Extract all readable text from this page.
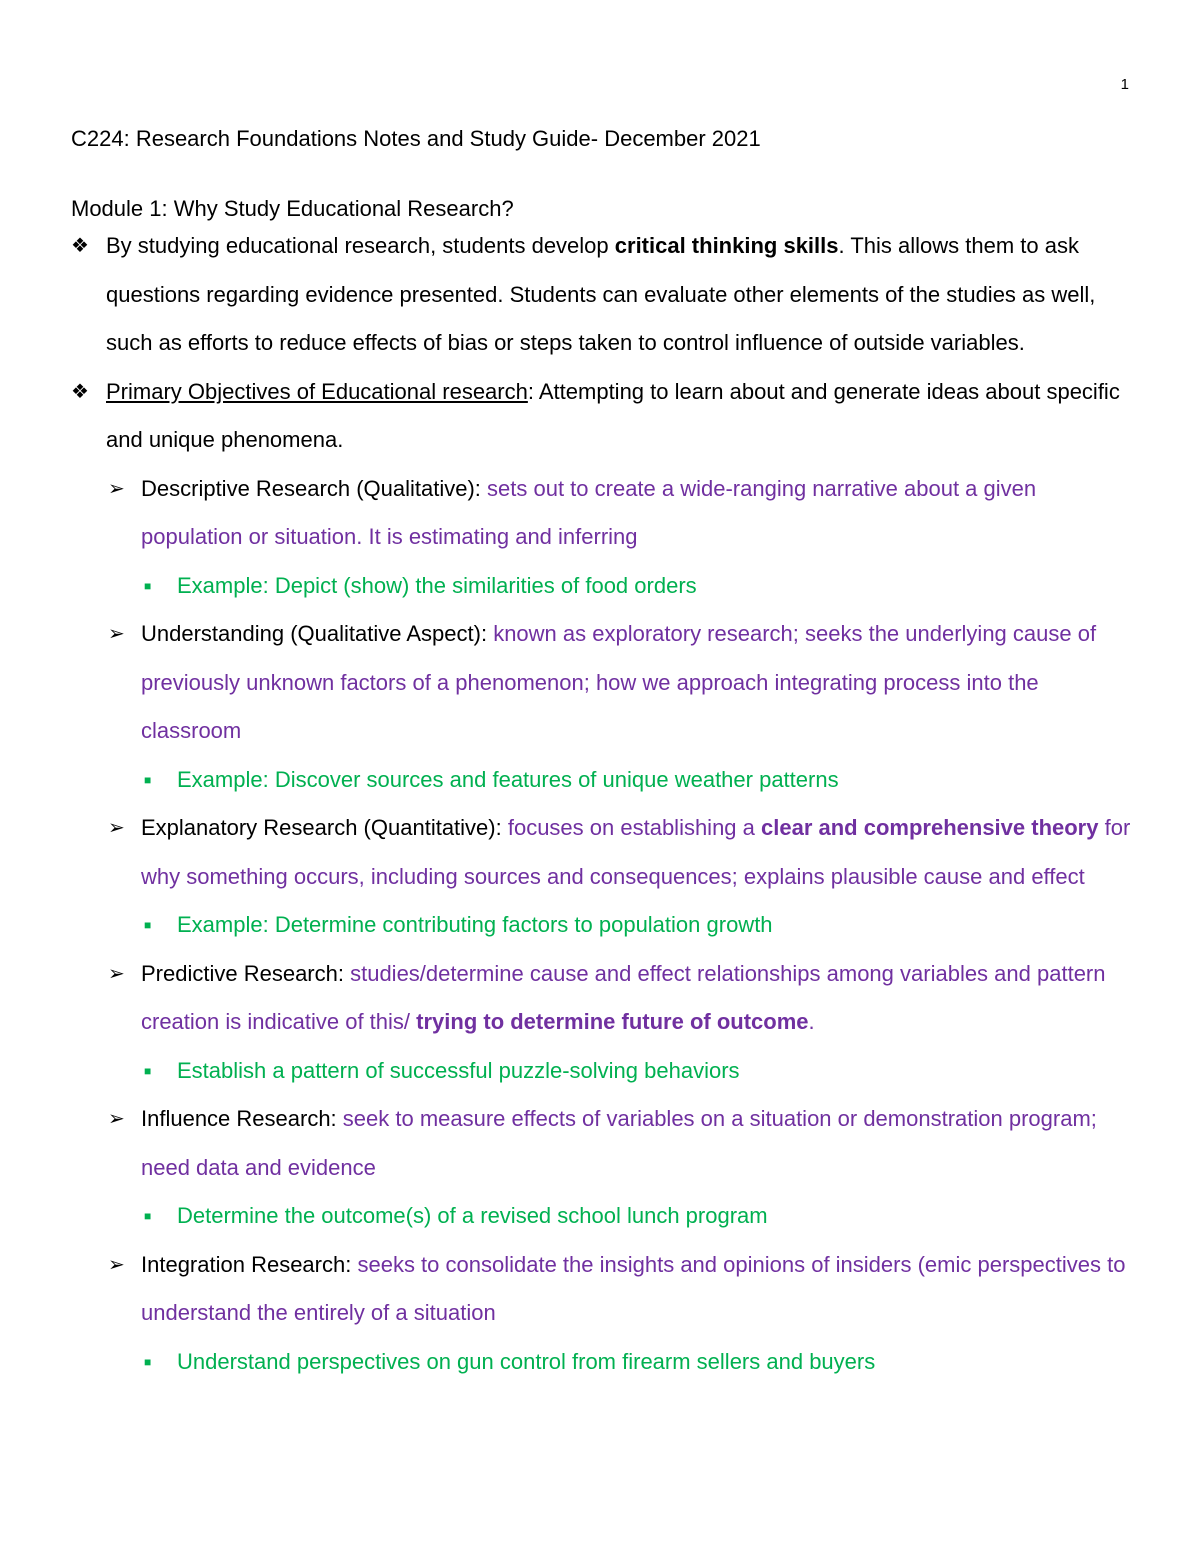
1
C224: Research Foundations Notes and Study Guide- December 2021
Module 1: Why Study Educational Research?
❖ By studying educational research, students develop critical thinking skills. This allows them to ask questions regarding evidence presented. Students can evaluate other elements of the studies as well, such as efforts to reduce effects of bias or steps taken to control influence of outside variables.
❖ Primary Objectives of Educational research: Attempting to learn about and generate ideas about specific and unique phenomena.
➢ Descriptive Research (Qualitative): sets out to create a wide-ranging narrative about a given population or situation. It is estimating and inferring
■ Example: Depict (show) the similarities of food orders
➢ Understanding (Qualitative Aspect): known as exploratory research; seeks the underlying cause of previously unknown factors of a phenomenon; how we approach integrating process into the classroom
■ Example: Discover sources and features of unique weather patterns
➢ Explanatory Research (Quantitative): focuses on establishing a clear and comprehensive theory for why something occurs, including sources and consequences; explains plausible cause and effect
■ Example: Determine contributing factors to population growth
➢ Predictive Research: studies/determine cause and effect relationships among variables and pattern creation is indicative of this/ trying to determine future of outcome.
■ Establish a pattern of successful puzzle-solving behaviors
➢ Influence Research: seek to measure effects of variables on a situation or demonstration program; need data and evidence
■ Determine the outcome(s) of a revised school lunch program
➢ Integration Research: seeks to consolidate the insights and opinions of insiders (emic perspectives to understand the entirely of a situation
■ Understand perspectives on gun control from firearm sellers and buyers
